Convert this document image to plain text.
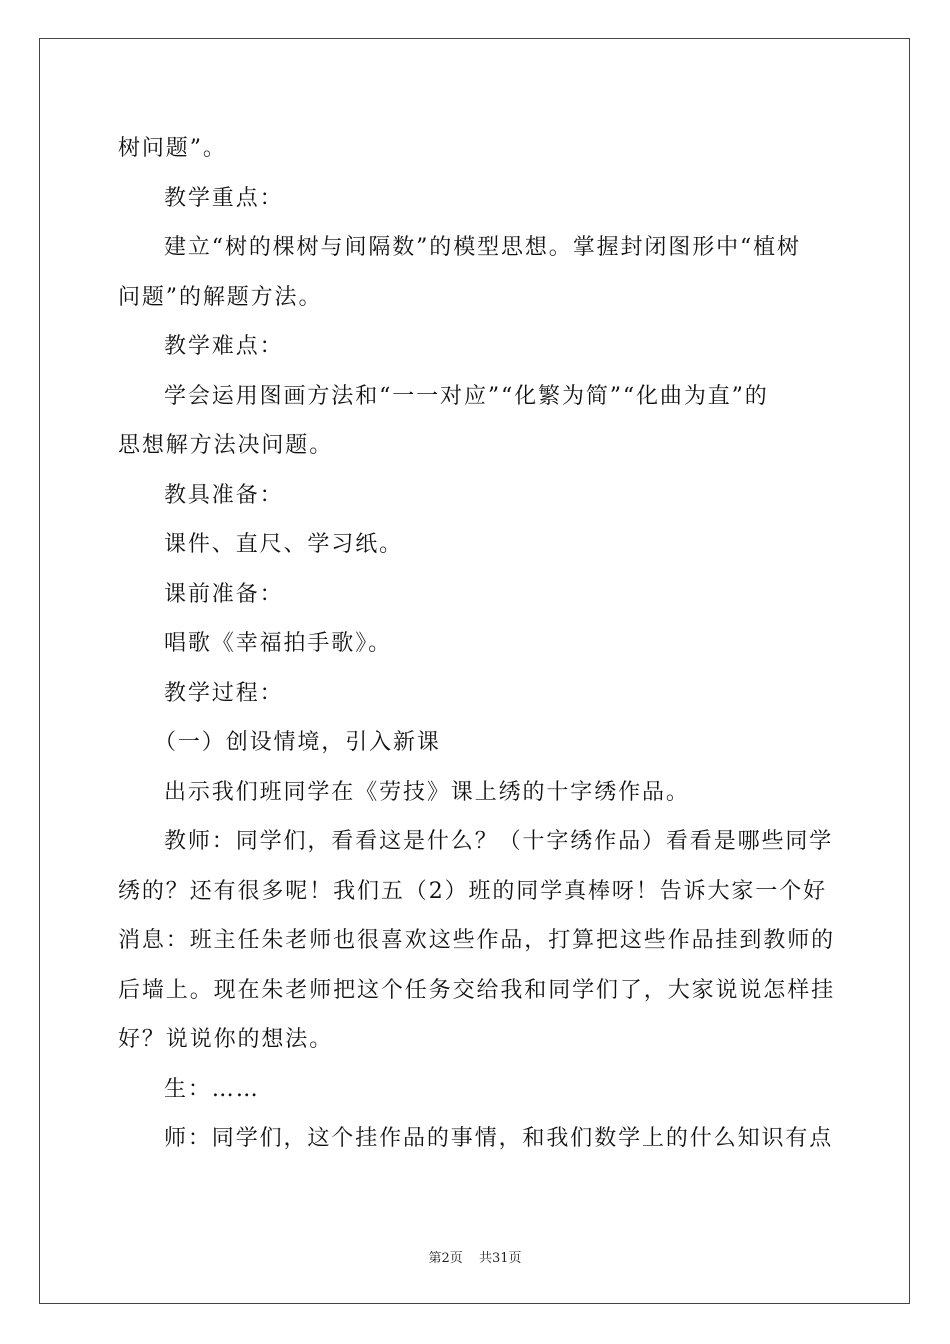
树问题”。
教学重点：
建立“树的棵树与间隔数”的模型思想。掌握封闭图形中“植树
问题”的解题方法。
教学难点：
学会运用图画方法和“一一对应”“化繁为简”“化曲为直”的
思想解方法决问题。
教具准备：
课件、直尺、学习纸。
课前准备：
唱歌《幸福拍手歌》。
教学过程：
（一）创设情境，引入新课
出示我们班同学在《劳技》课上绣的十字绣作品。
教师：同学们，看看这是什么？（十字绣作品）看看是哪些同学
绣的？还有很多呢！我们五（2）班的同学真棒呀！告诉大家一个好
消息：班主任朱老师也很喜欢这些作品，打算把这些作品挂到教师的
后墙上。现在朱老师把这个任务交给我和同学们了，大家说说怎样挂
好？说说你的想法。
生：……
师：同学们，这个挂作品的事情，和我们数学上的什么知识有点
第2页 共31页
